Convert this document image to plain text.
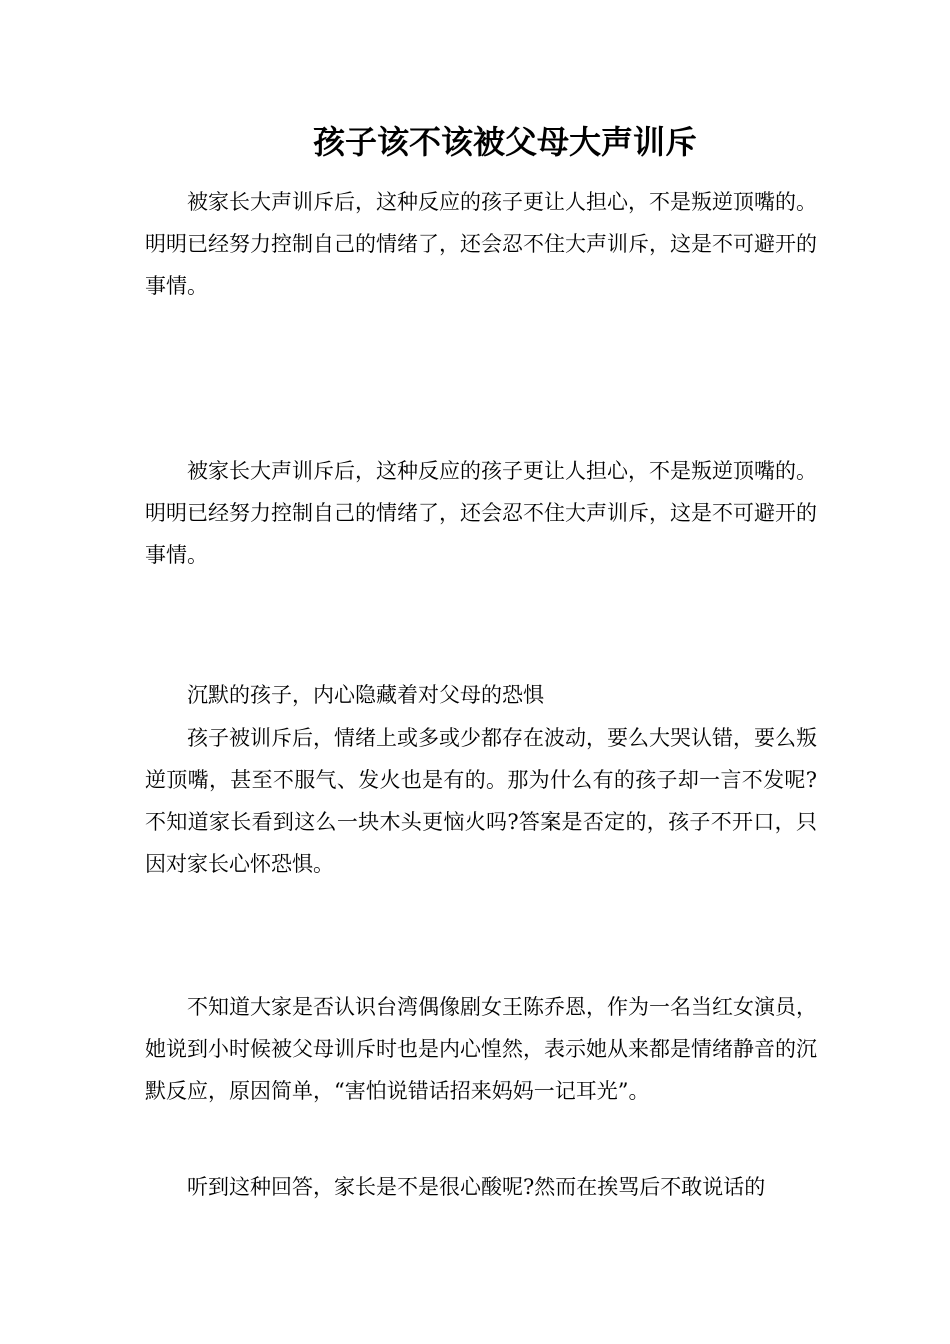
孩子该不该被父母大声训斥

被家长大声训斥后，这种反应的孩子更让人担心，不是叛逆顶嘴的。明明已经努力控制自己的情绪了，还会忍不住大声训斥，这是不可避开的事情。

被家长大声训斥后，这种反应的孩子更让人担心，不是叛逆顶嘴的。明明已经努力控制自己的情绪了，还会忍不住大声训斥，这是不可避开的事情。

沉默的孩子，内心隐藏着对父母的恐惧

孩子被训斥后，情绪上或多或少都存在波动，要么大哭认错，要么叛逆顶嘴，甚至不服气、发火也是有的。那为什么有的孩子却一言不发呢?不知道家长看到这么一块木头更恼火吗?答案是否定的，孩子不开口，只因对家长心怀恐惧。

不知道大家是否认识台湾偶像剧女王陈乔恩，作为一名当红女演员，她说到小时候被父母训斥时也是内心惶然，表示她从来都是情绪静音的沉默反应，原因简单，“害怕说错话招来妈妈一记耳光”。

听到这种回答，家长是不是很心酸呢?然而在挨骂后不敢说话的
